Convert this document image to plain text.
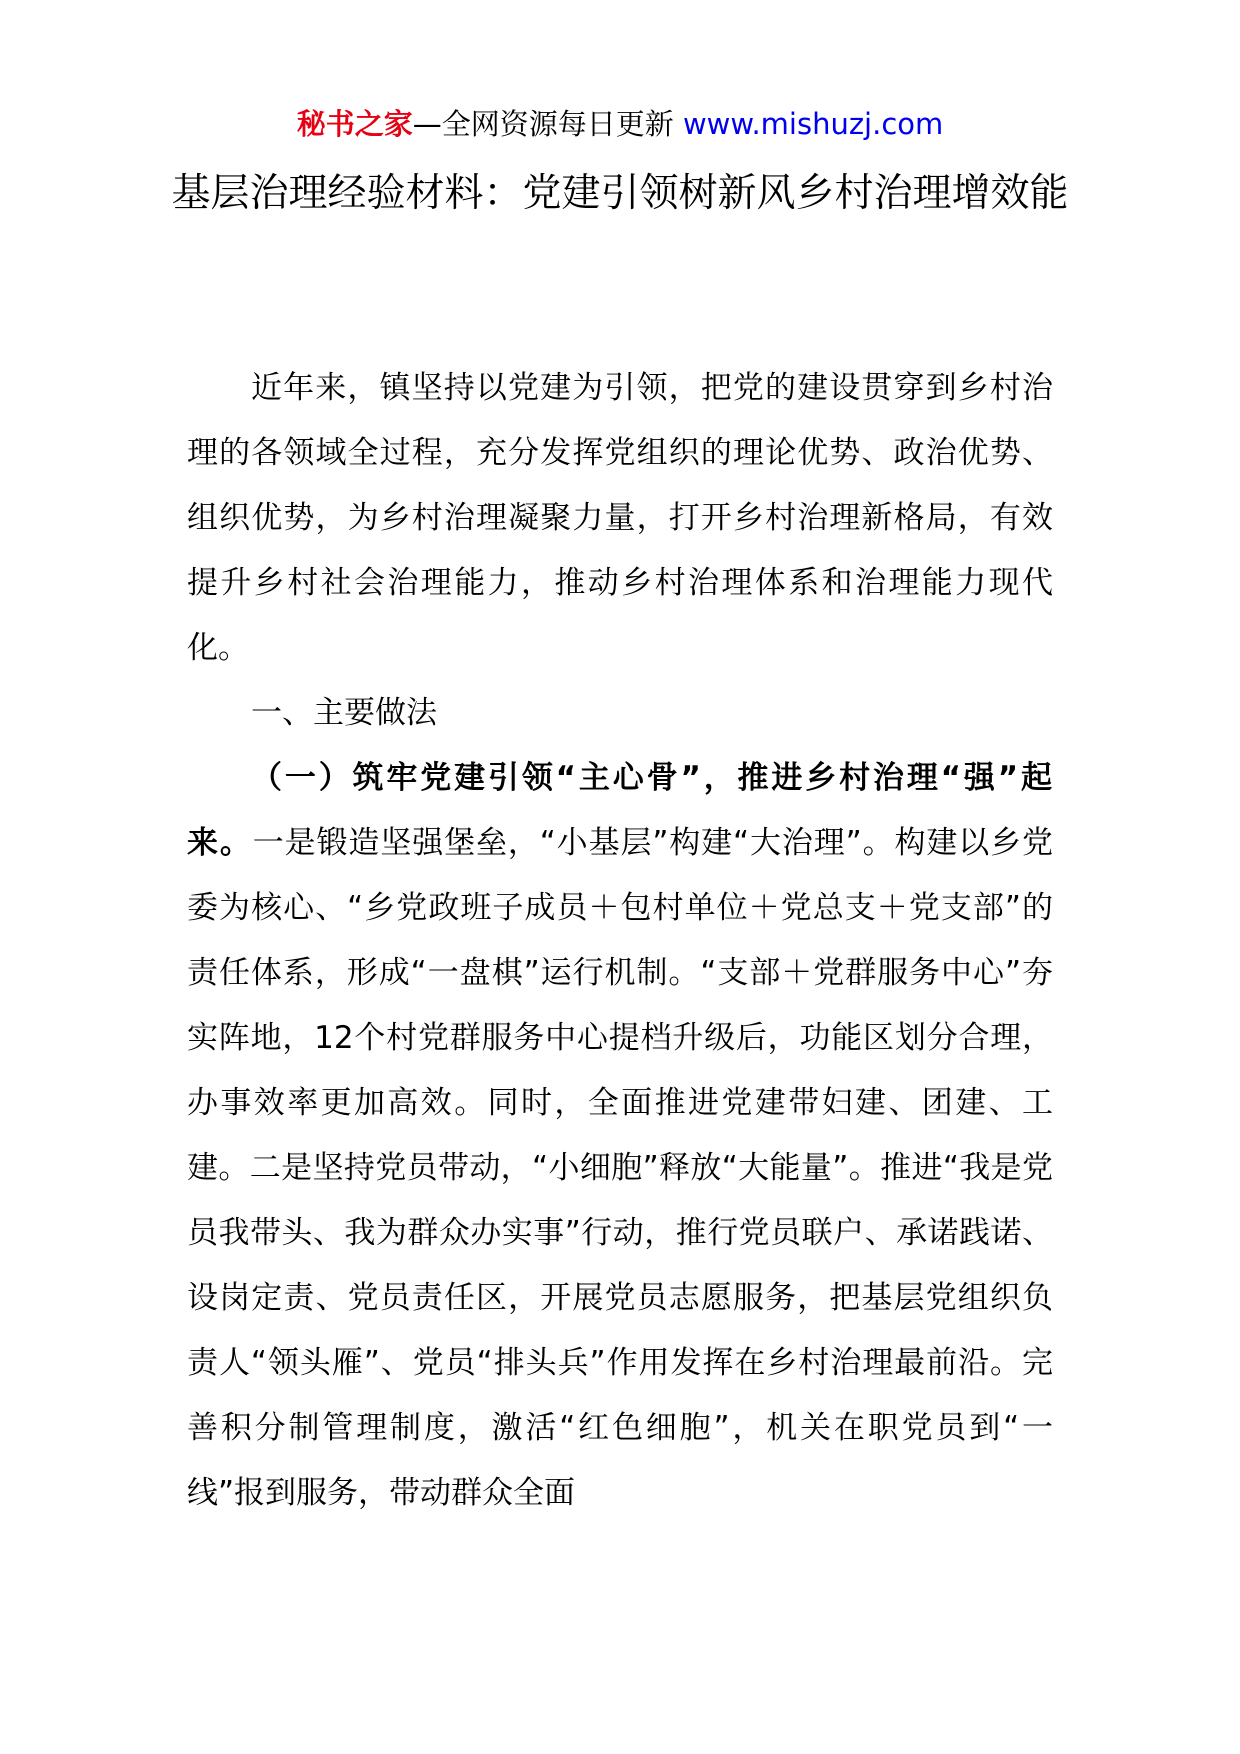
秘书之家—全网资源每日更新 www.mishuzj.com
基层治理经验材料：党建引领树新风乡村治理增效能

近年来，镇坚持以党建为引领，把党的建设贯穿到乡村治理的各领域全过程，充分发挥党组织的理论优势、政治优势、组织优势，为乡村治理凝聚力量，打开乡村治理新格局，有效提升乡村社会治理能力，推动乡村治理体系和治理能力现代化。

一、主要做法

（一）筑牢党建引领“主心骨”，推进乡村治理“强”起来。一是锻造坚强堡垒，“小基层”构建“大治理”。构建以乡党委为核心、“乡党政班子成员＋包村单位＋党总支＋党支部”的责任体系，形成“一盘棋”运行机制。“支部＋党群服务中心”夯实阵地，12个村党群服务中心提档升级后，功能区划分合理，办事效率更加高效。同时，全面推进党建带妇建、团建、工建。二是坚持党员带动，“小细胞”释放“大能量”。推进“我是党员我带头、我为群众办实事”行动，推行党员联户、承诺践诺、设岗定责、党员责任区，开展党员志愿服务，把基层党组织负责人“领头雁”、党员“排头兵”作用发挥在乡村治理最前沿。完善积分制管理制度，激活“红色细胞”，机关在职党员到“一线”报到服务，带动群众全面
